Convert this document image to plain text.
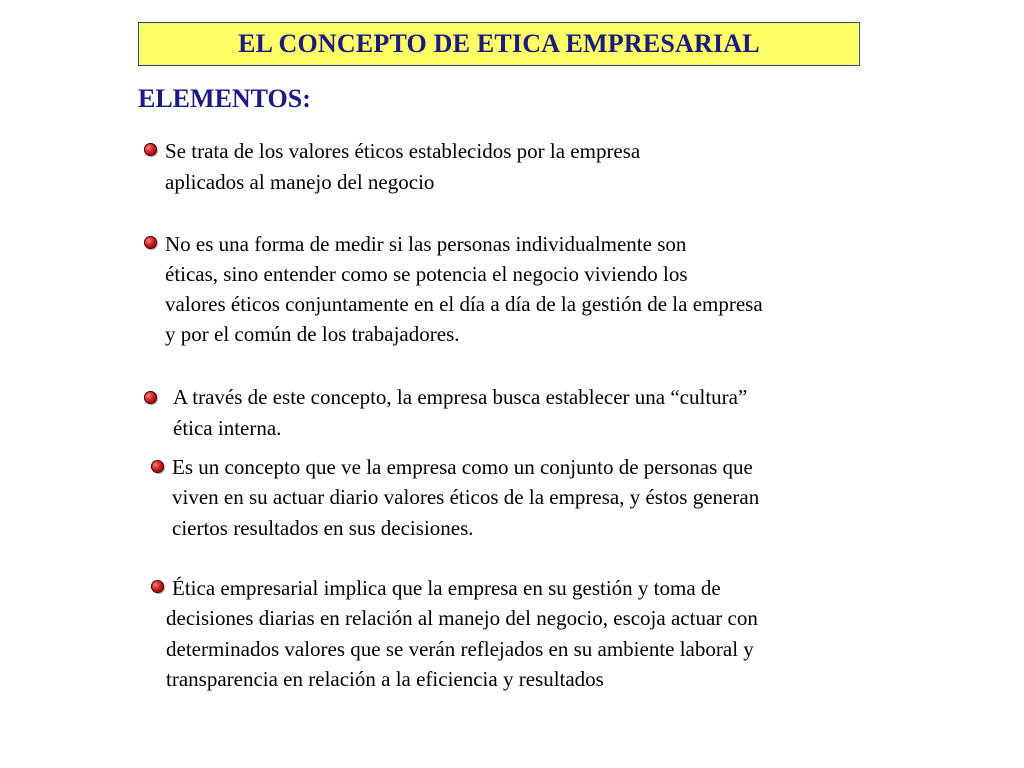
EL CONCEPTO DE ETICA EMPRESARIAL
ELEMENTOS:
Se trata de los valores éticos establecidos por la empresa
aplicados al manejo del negocio
No es una forma de medir si las personas individualmente son
éticas, sino entender como se potencia el negocio viviendo los
valores éticos conjuntamente en el día a día de la gestión de la empresa
y por el común de los trabajadores.
A través de este concepto, la empresa busca establecer una “cultura”
ética interna.
Es un concepto que ve la empresa como un conjunto de personas que
viven en su actuar diario valores éticos de la empresa, y éstos generan
ciertos resultados en sus decisiones.
Ética empresarial implica que la empresa en su gestión y toma de
decisiones diarias en relación al manejo del negocio, escoja actuar con
determinados valores que se verán reflejados en su ambiente laboral y
transparencia en relación a la eficiencia y resultados
